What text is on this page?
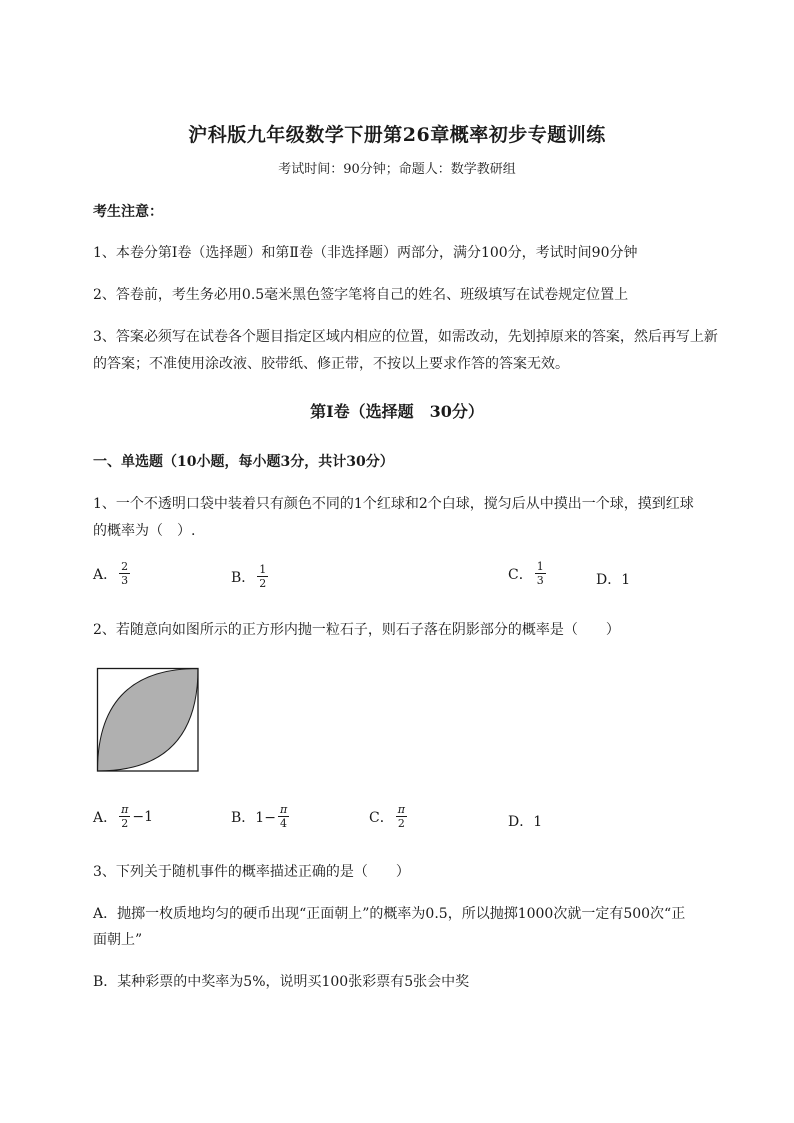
沪科版九年级数学下册第26章概率初步专题训练
考试时间：90分钟；命题人：数学教研组
考生注意：
1、本卷分第I卷（选择题）和第Ⅱ卷（非选择题）两部分，满分100分，考试时间90分钟
2、答卷前，考生务必用0.5毫米黑色签字笔将自己的姓名、班级填写在试卷规定位置上
3、答案必须写在试卷各个题目指定区域内相应的位置，如需改动，先划掉原来的答案，然后再写上新
的答案；不准使用涂改液、胶带纸、修正带，不按以上要求作答的答案无效。
第I卷（选择题　30分）
一、单选题（10小题，每小题3分，共计30分）
1、一个不透明口袋中装着只有颜色不同的1个红球和2个白球，搅匀后从中摸出一个球，摸到红球
的概率为（　）.
A． $\frac{2}{3}$	B． $\frac{1}{2}$	C． $\frac{1}{3}$	D．1
2、若随意向如图所示的正方形内抛一粒石子，则石子落在阴影部分的概率是（　　）
A． $\frac{\pi}{2} -1$	B．$1- \frac{\pi}{4}$	C． $\frac{\pi}{2}$	D．1
3、下列关于随机事件的概率描述正确的是（　　）
A．抛掷一枚质地均匀的硬币出现“正面朝上”的概率为0.5，所以抛掷1000次就一定有500次“正
面朝上”
B．某种彩票的中奖率为5%，说明买100张彩票有5张会中奖
